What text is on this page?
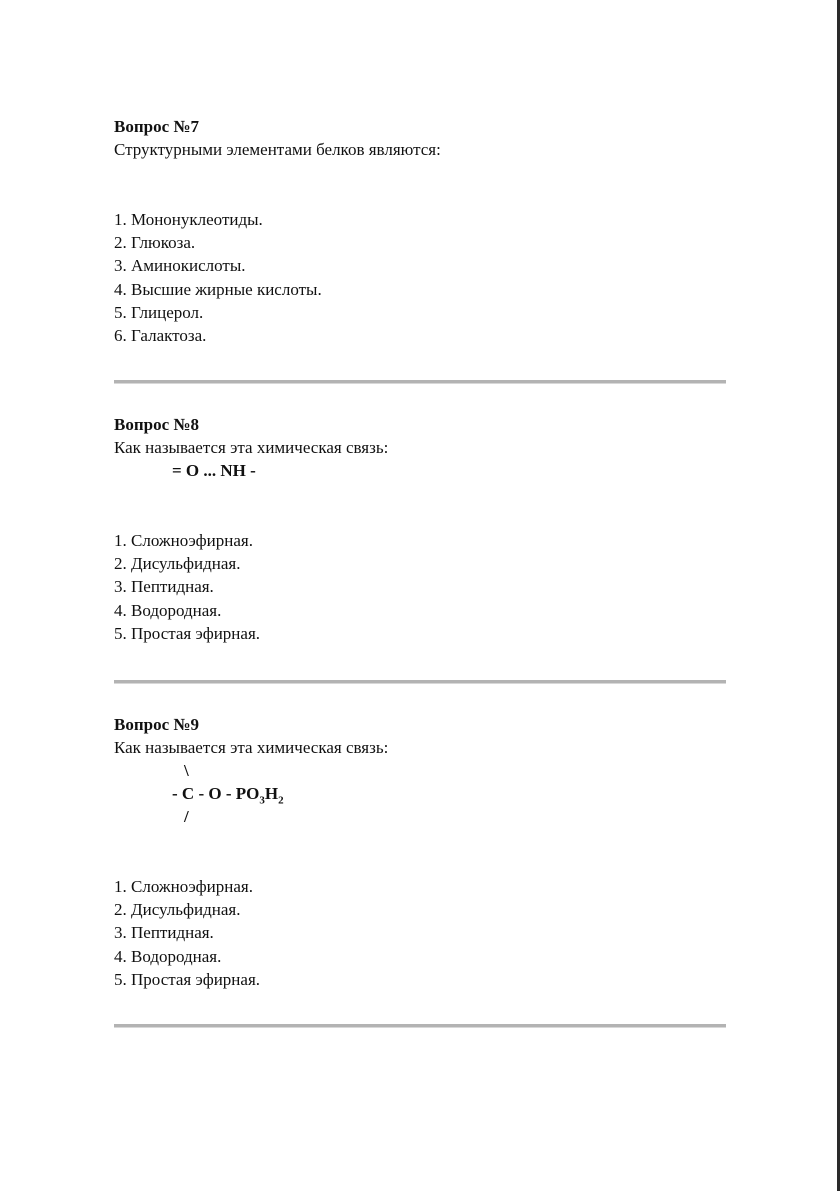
Вопрос №7

Структурными элементами белков являются:

1. Мононуклеотиды.
2. Глюкоза.
3. Аминокислоты.
4. Высшие жирные кислоты.
5. Глицерол.
6. Галактоза.

Вопрос №8

Как называется эта химическая связь:

= O ... NH -

1. Сложноэфирная.
2. Дисульфидная.
3. Пептидная.
4. Водородная.
5. Простая эфирная.

Вопрос №9

Как называется эта химическая связь:

\

- C - O - $PO_3H_2$

/

1. Сложноэфирная.
2. Дисульфидная.
3. Пептидная.
4. Водородная.
5. Простая эфирная.
